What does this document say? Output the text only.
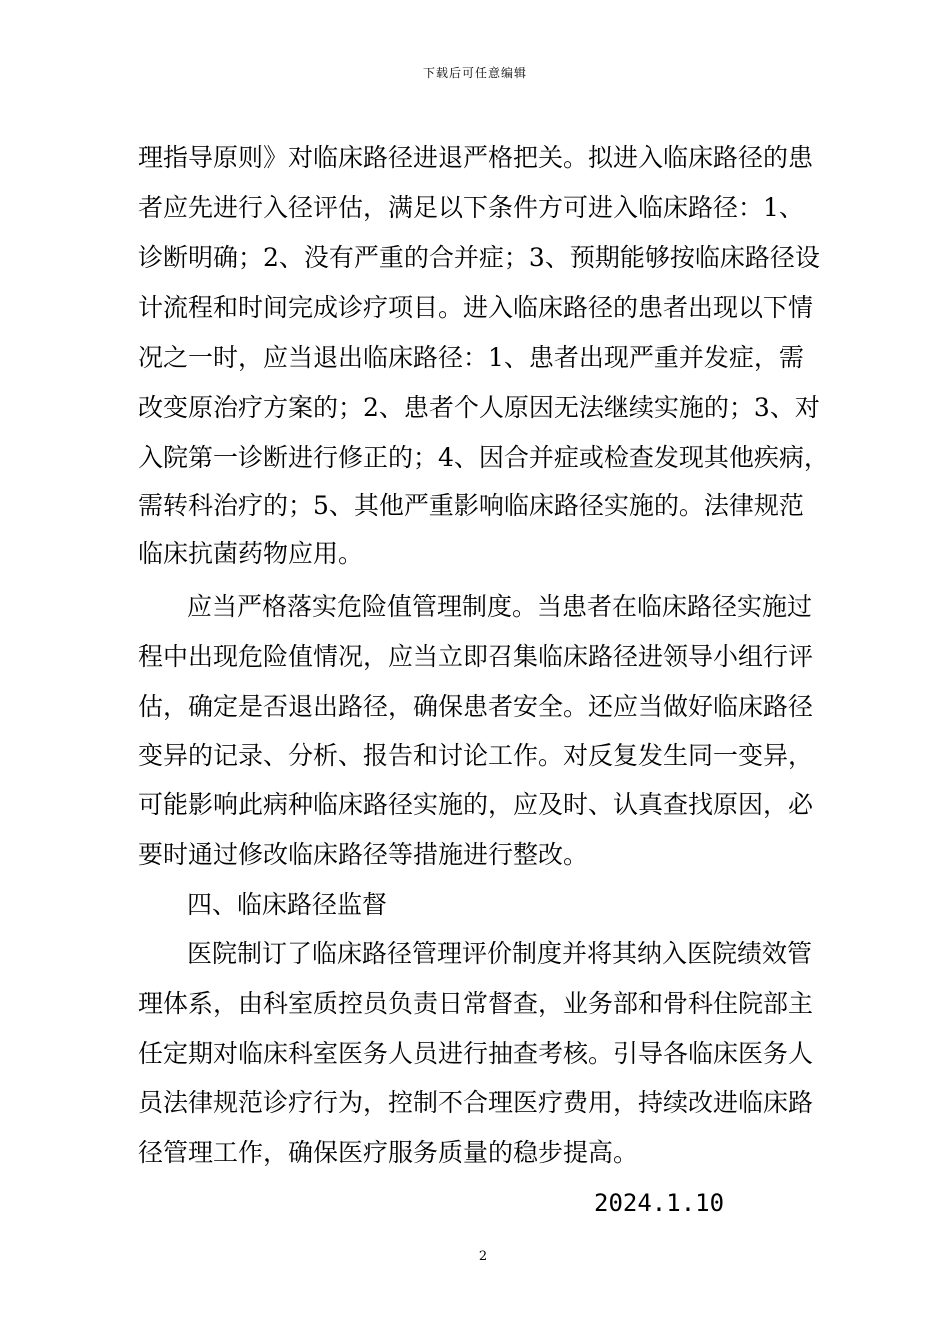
下载后可任意编辑
理指导原则》对临床路径进退严格把关。拟进入临床路径的患
者应先进行入径评估，满足以下条件方可进入临床路径：1、
诊断明确；2、没有严重的合并症；3、预期能够按临床路径设
计流程和时间完成诊疗项目。进入临床路径的患者出现以下情
况之一时，应当退出临床路径：1、患者出现严重并发症，需
改变原治疗方案的；2、患者个人原因无法继续实施的；3、对
入院第一诊断进行修正的；4、因合并症或检查发现其他疾病，
需转科治疗的；5、其他严重影响临床路径实施的。法律规范
临床抗菌药物应用。
应当严格落实危险值管理制度。当患者在临床路径实施过
程中出现危险值情况，应当立即召集临床路径进领导小组行评
估，确定是否退出路径，确保患者安全。还应当做好临床路径
变异的记录、分析、报告和讨论工作。对反复发生同一变异，
可能影响此病种临床路径实施的，应及时、认真查找原因，必
要时通过修改临床路径等措施进行整改。
四、临床路径监督
医院制订了临床路径管理评价制度并将其纳入医院绩效管
理体系，由科室质控员负责日常督查，业务部和骨科住院部主
任定期对临床科室医务人员进行抽查考核。引导各临床医务人
员法律规范诊疗行为，控制不合理医疗费用，持续改进临床路
径管理工作，确保医疗服务质量的稳步提高。
2024.1.10
2
